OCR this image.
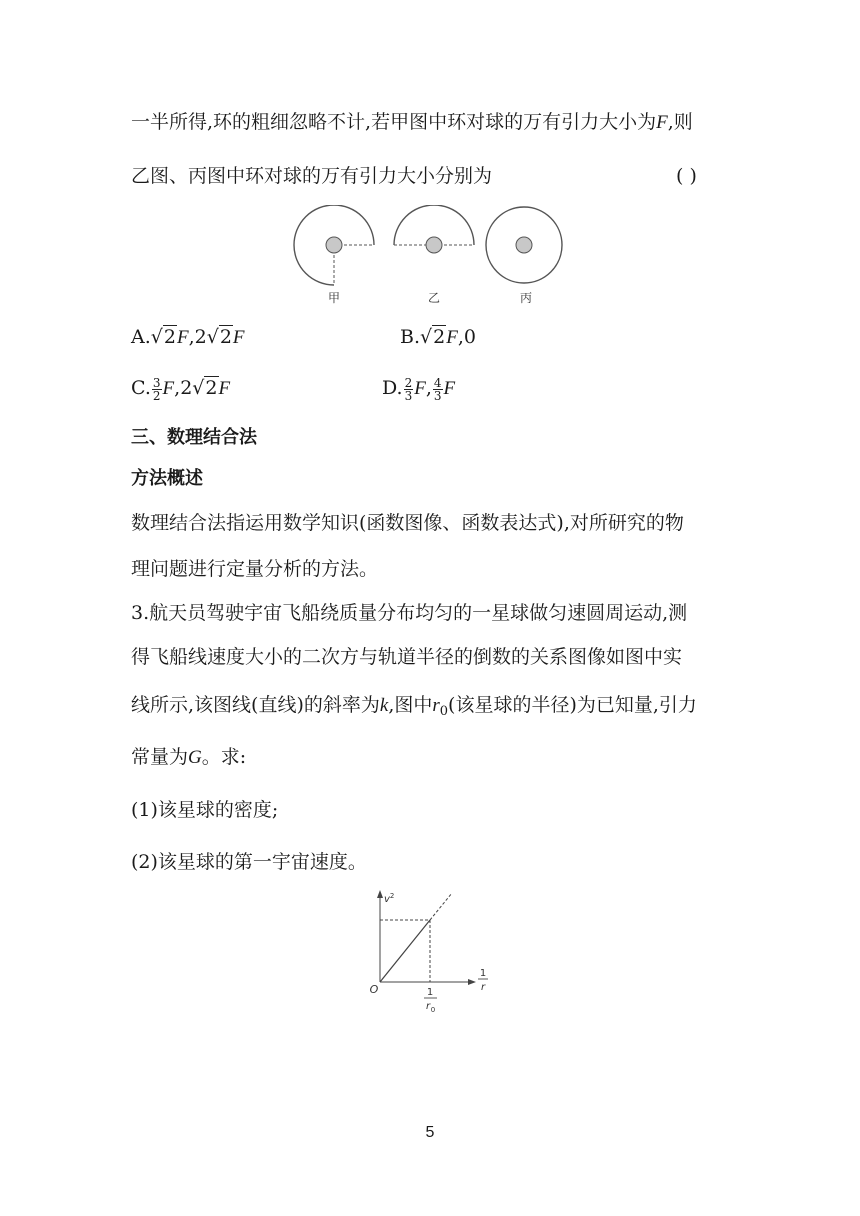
一半所得,环的粗细忽略不计,若甲图中环对球的万有引力大小为F,则
乙图、丙图中环对球的万有引力大小分别为	( )
甲	乙	丙
A.√2F,2√2F	B.√2F,0
C. $\frac{3}{2} F,2√2F$	D. $\frac{2}{3} F$, $\frac{4}{3}$ F
三、数理结合法
方法概述
数理结合法指运用数学知识(函数图像、函数表达式),对所研究的物
理问题进行定量分析的方法。
3.航天员驾驶宇宙飞船绕质量分布均匀的一星球做匀速圆周运动,测
得飞船线速度大小的二次方与轨道半径的倒数的关系图像如图中实
线所示,该图线(直线)的斜率为k,图中$r_0$(该星球的半径)为已知量,引力
常量为G。求:
(1)该星球的密度;
(2)该星球的第一宇宙速度。
$v^2$
O
1
r
1
r 0
5
